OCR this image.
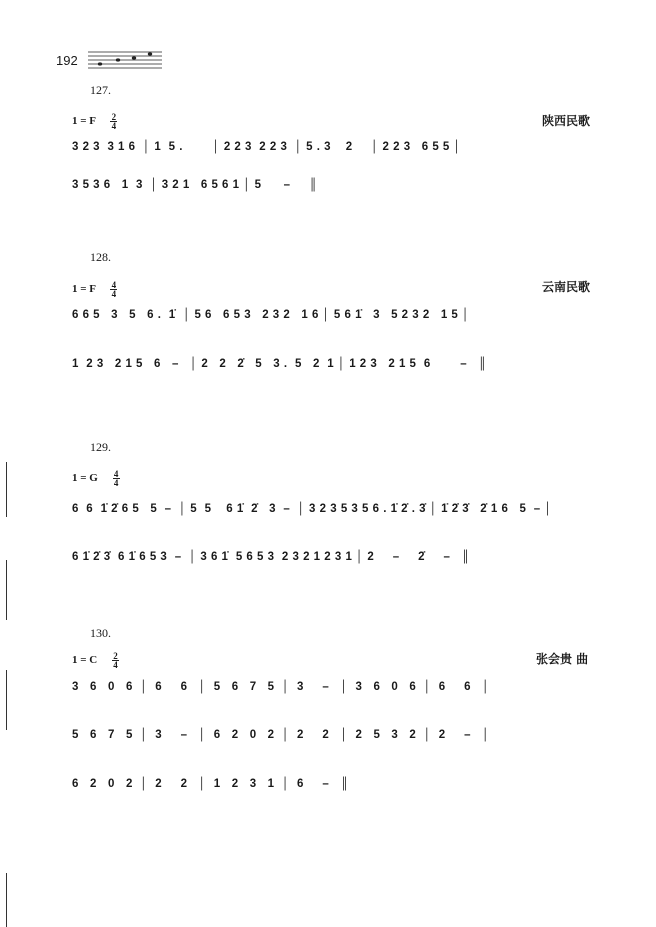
192
127.
1 = F $\frac{2}{4}$	陕西民歌
3 2 3  3 1 6  │ 1  5 .        │ 2 2 3  2 2 3  │ 5 . 3    2     │ 2 2 3   6 5 5 │
3 5 3 6   1  3  │ 3 2 1   6 5 6 1 │ 5      –     ║
128.
1 = F $\frac{4}{4}$	云南民歌
6 6 5   3   5   6 .  1̇  │ 5 6   6 5 3   2 3 2   1 6 │ 5 6 1̇   3   5 2 3 2   1 5 │
1  2 3   2 1 5   6   –   │ 2   2   2̇   5   3 .  5   2  1 │ 1 2 3   2 1 5  6        –   ║
129.
1 = G $\frac{4}{4}$
6  6  1̇ 2̇ 6 5   5  –  │ 5  5    6 1̇  2̇   3  –  │ 3 2 3 5 3 5 6 . 1̇ 2̇ . 3̇ │ 1̇ 2̇ 3̇   2̇ 1 6   5  – │
6 1̇ 2̇ 3̇  6 1̇ 6 5 3  –  │ 3 6 1̇  5 6 5 3  2 3 2 1 2 3 1 │ 2     –     2̇     –   ║
130.
1 = C $\frac{2}{4}$	张会贵 曲
3   6   0   6  │  6     6   │  5   6   7   5  │  3     –   │  3   6   0   6  │  6     6   │
5   6   7   5  │  3     –   │  6   2   0   2  │  2     2   │  2   5   3   2  │  2     –   │
6   2   0   2  │  2     2   │  1   2   3   1  │  6     –   ║
